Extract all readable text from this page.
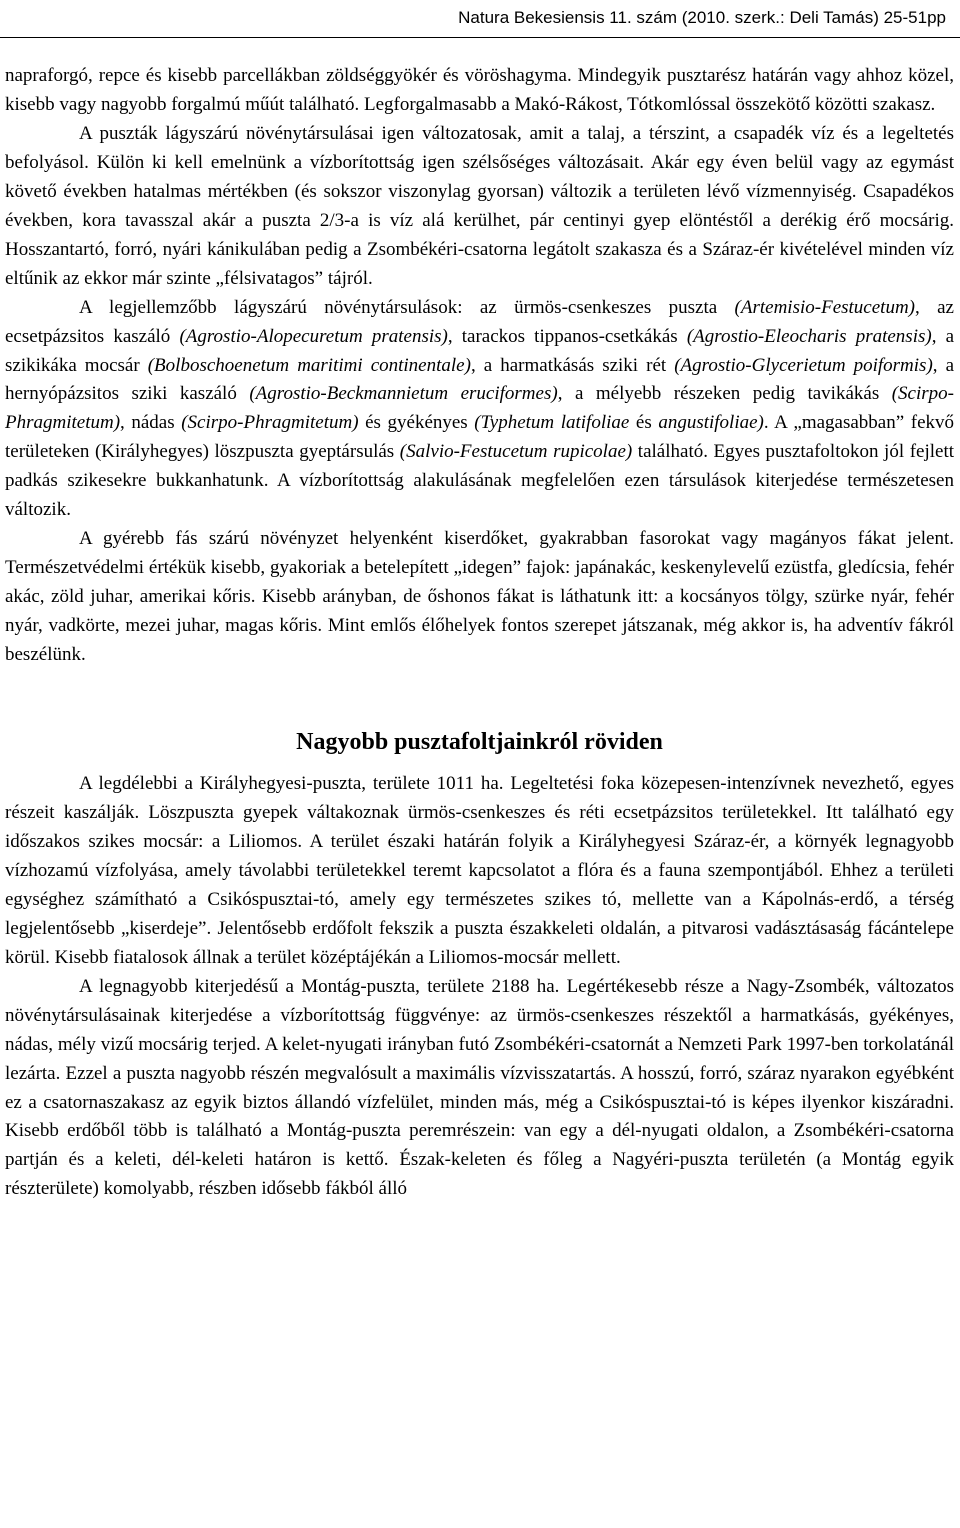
Natura Bekesiensis 11. szám (2010. szerk.: Deli Tamás) 25-51pp

napraforgó, repce és kisebb parcellákban zöldséggyökér és vöröshagyma. Mindegyik pusztarész határán vagy ahhoz közel, kisebb vagy nagyobb forgalmú műút található. Legforgalmasabb a Makó-Rákost, Tótkomlóssal összekötő közötti szakasz.

A puszták lágyszárú növénytársulásai igen változatosak, amit a talaj, a térszint, a csapadék víz és a legeltetés befolyásol. Külön ki kell emelnünk a vízborítottság igen szélsőséges változásait. Akár egy éven belül vagy az egymást követő években hatalmas mértékben (és sokszor viszonylag gyorsan) változik a területen lévő vízmennyiség. Csapadékos években, kora tavasszal akár a puszta 2/3-a is víz alá kerülhet, pár centinyi gyep elöntéstől a derékig érő mocsárig. Hosszantartó, forró, nyári kánikulában pedig a Zsombékéri-csatorna legátolt szakasza és a Száraz-ér kivételével minden víz eltűnik az ekkor már szinte „félsivatagos” tájról.

A legjellemzőbb lágyszárú növénytársulások: az ürmös-csenkeszes puszta (Artemisio-Festucetum), az ecsetpázsitos kaszáló (Agrostio-Alopecuretum pratensis), tarackos tippanos-csetkákás (Agrostio-Eleocharis pratensis), a szikikáka mocsár (Bolboschoenetum maritimi continentale), a harmatkásás sziki rét (Agrostio-Glycerietum poiformis), a hernyópázsitos sziki kaszáló (Agrostio-Beckmannietum eruciformes), a mélyebb részeken pedig tavikákás (Scirpo-Phragmitetum), nádas (Scirpo-Phragmitetum) és gyékényes (Typhetum latifoliae és angustifoliae). A „magasabban” fekvő területeken (Királyhegyes) löszpuszta gyeptársulás (Salvio-Festucetum rupicolae) található. Egyes pusztafoltokon jól fejlett padkás szikesekre bukkanhatunk. A vízborítottság alakulásának megfelelően ezen társulások kiterjedése természetesen változik.

A gyérebb fás szárú növényzet helyenként kiserdőket, gyakrabban fasorokat vagy magányos fákat jelent. Természetvédelmi értékük kisebb, gyakoriak a betelepített „idegen” fajok: japánakác, keskenylevelű ezüstfa, gledícsia, fehér akác, zöld juhar, amerikai kőris. Kisebb arányban, de őshonos fákat is láthatunk itt: a kocsányos tölgy, szürke nyár, fehér nyár, vadkörte, mezei juhar, magas kőris. Mint emlős élőhelyek fontos szerepet játszanak, még akkor is, ha adventív fákról beszélünk.

Nagyobb pusztafoltjainkról röviden

A legdélebbi a Királyhegyesi-puszta, területe 1011 ha. Legeltetési foka közepesen-intenzívnek nevezhető, egyes részeit kaszálják. Löszpuszta gyepek váltakoznak ürmös-csenkeszes és réti ecsetpázsitos területekkel. Itt található egy időszakos szikes mocsár: a Liliomos. A terület északi határán folyik a Királyhegyesi Száraz-ér, a környék legnagyobb vízhozamú vízfolyása, amely távolabbi területekkel teremt kapcsolatot a flóra és a fauna szempontjából. Ehhez a területi egységhez számítható a Csikóspusztai-tó, amely egy természetes szikes tó, mellette van a Kápolnás-erdő, a térség legjelentősebb „kiserdeje”. Jelentősebb erdőfolt fekszik a puszta északkeleti oldalán, a pitvarosi vadásztásaság fácántelepe körül. Kisebb fiatalosok állnak a terület középtájékán a Liliomos-mocsár mellett.

A legnagyobb kiterjedésű a Montág-puszta, területe 2188 ha. Legértékesebb része a Nagy-Zsombék, változatos növénytársulásainak kiterjedése a vízborítottság függvénye: az ürmös-csenkeszes részektől a harmatkásás, gyékényes, nádas, mély vizű mocsárig terjed. A kelet-nyugati irányban futó Zsombékéri-csatornát a Nemzeti Park 1997-ben torkolatánál lezárta. Ezzel a puszta nagyobb részén megvalósult a maximális vízvisszatartás. A hosszú, forró, száraz nyarakon egyébként ez a csatornaszakasz az egyik biztos állandó vízfelület, minden más, még a Csikóspusztai-tó is képes ilyenkor kiszáradni. Kisebb erdőből több is található a Montág-puszta peremrészein: van egy a dél-nyugati oldalon, a Zsombékéri-csatorna partján és a keleti, dél-keleti határon is kettő. Észak-keleten és főleg a Nagyéri-puszta területén (a Montág egyik részterülete) komolyabb, részben idősebb fákból álló
